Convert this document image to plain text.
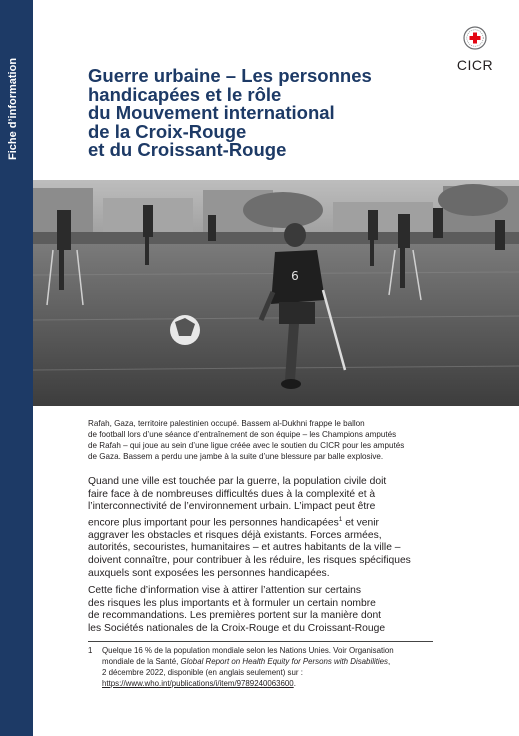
Fiche d’information	CICR
Guerre urbaine – Les personnes
handicapées et le rôle
du Mouvement international
de la Croix-Rouge
et du Croissant-Rouge
6

Rafah, Gaza, territoire palestinien occupé. Bassem al-Dukhni frappe le ballon
de football lors d’une séance d’entraînement de son équipe – les Champions amputés
de Rafah – qui joue au sein d’une ligue créée avec le soutien du CICR pour les amputés
de Gaza. Bassem a perdu une jambe à la suite d’une blessure par balle explosive.

Quand une ville est touchée par la guerre, la population civile doit
faire face à de nombreuses difficultés dues à la complexité et à
l’interconnectivité de l’environnement urbain. L’impact peut être
encore plus important pour les personnes handicapées$^1$ et venir
aggraver les obstacles et risques déjà existants. Forces armées,
autorités, secouristes, humanitaires – et autres habitants de la ville –
doivent connaître, pour contribuer à les réduire, les risques spécifiques
auxquels sont exposées les personnes handicapées.

Cette fiche d’information vise à attirer l’attention sur certains
des risques les plus importants et à formuler un certain nombre
de recommandations. Les premières portent sur la manière dont
les Sociétés nationales de la Croix-Rouge et du Croissant-Rouge

1 Quelque 16 % de la population mondiale selon les Nations Unies. Voir Organisation
mondiale de la Santé, Global Report on Health Equity for Persons with Disabilities,
2 décembre 2022, disponible (en anglais seulement) sur :
https://www.who.int/publications/i/item/9789240063600.
